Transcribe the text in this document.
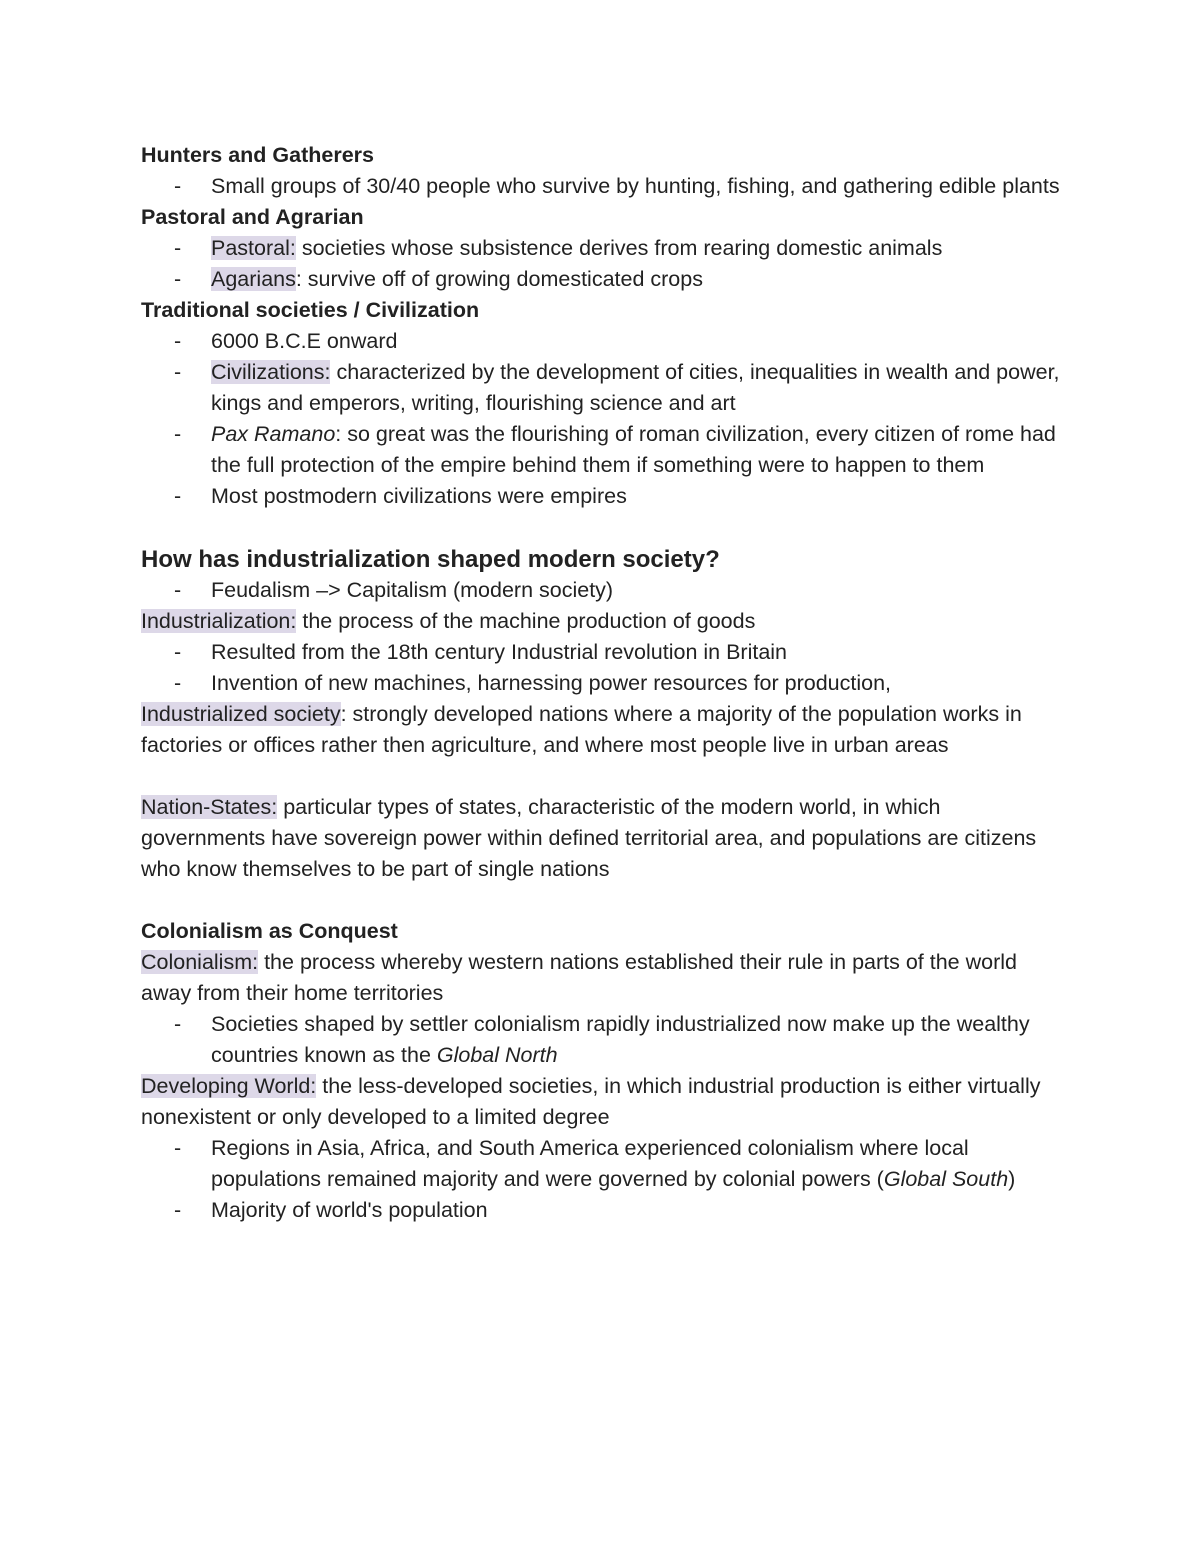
Hunters and Gatherers
- Small groups of 30/40 people who survive by hunting, fishing, and gathering edible plants
Pastoral and Agrarian
- Pastoral: societies whose subsistence derives from rearing domestic animals
- Agarians: survive off of growing domesticated crops
Traditional societies / Civilization
- 6000 B.C.E onward
- Civilizations: characterized by the development of cities, inequalities in wealth and power, kings and emperors, writing, flourishing science and art
- Pax Ramano: so great was the flourishing of roman civilization, every citizen of rome had the full protection of the empire behind them if something were to happen to them
- Most postmodern civilizations were empires
How has industrialization shaped modern society?
- Feudalism –> Capitalism (modern society)
Industrialization: the process of the machine production of goods
- Resulted from the 18th century Industrial revolution in Britain
- Invention of new machines, harnessing power resources for production,
Industrialized society: strongly developed nations where a majority of the population works in factories or offices rather then agriculture, and where most people live in urban areas
Nation-States: particular types of states, characteristic of the modern world, in which governments have sovereign power within defined territorial area, and populations are citizens who know themselves to be part of single nations
Colonialism as Conquest
Colonialism: the process whereby western nations established their rule in parts of the world away from their home territories
- Societies shaped by settler colonialism rapidly industrialized now make up the wealthy countries known as the Global North
Developing World: the less-developed societies, in which industrial production is either virtually nonexistent or only developed to a limited degree
- Regions in Asia, Africa, and South America experienced colonialism where local populations remained majority and were governed by colonial powers (Global South)
- Majority of world's population
